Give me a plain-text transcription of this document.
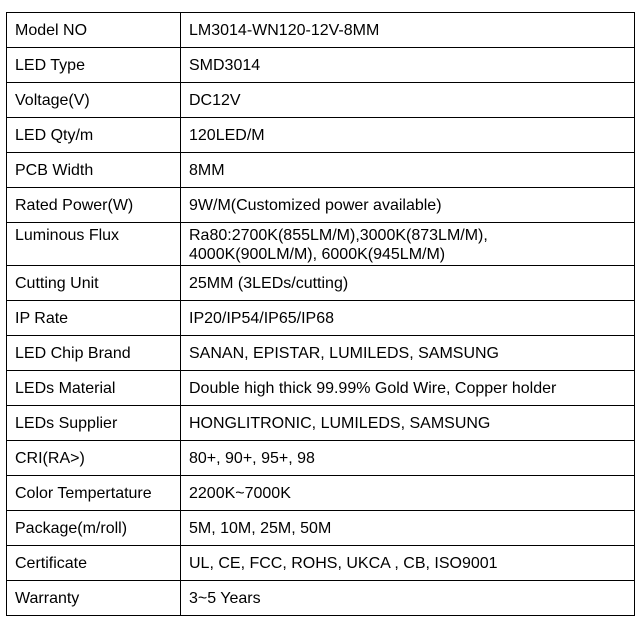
Model NO	LM3014-WN120-12V-8MM
LED Type	SMD3014
Voltage(V)	DC12V
LED Qty/m	120LED/M
PCB Width	8MM
Rated Power(W)	9W/M(Customized power available)
Luminous Flux	Ra80:2700K(855LM/M),3000K(873LM/M),
4000K(900LM/M), 6000K(945LM/M)

Cutting Unit	25MM (3LEDs/cutting)
IP Rate	IP20/IP54/IP65/IP68
LED Chip Brand	SANAN, EPISTAR, LUMILEDS, SAMSUNG
LEDs Material	Double high thick 99.99% Gold Wire, Copper holder
LEDs Supplier	HONGLITRONIC, LUMILEDS, SAMSUNG
CRI(RA>)	80+, 90+, 95+, 98
Color Tempertature	2200K~7000K
Package(m/roll)	5M, 10M, 25M, 50M
Certificate	UL, CE, FCC, ROHS, UKCA , CB, ISO9001
Warranty	3~5 Years
